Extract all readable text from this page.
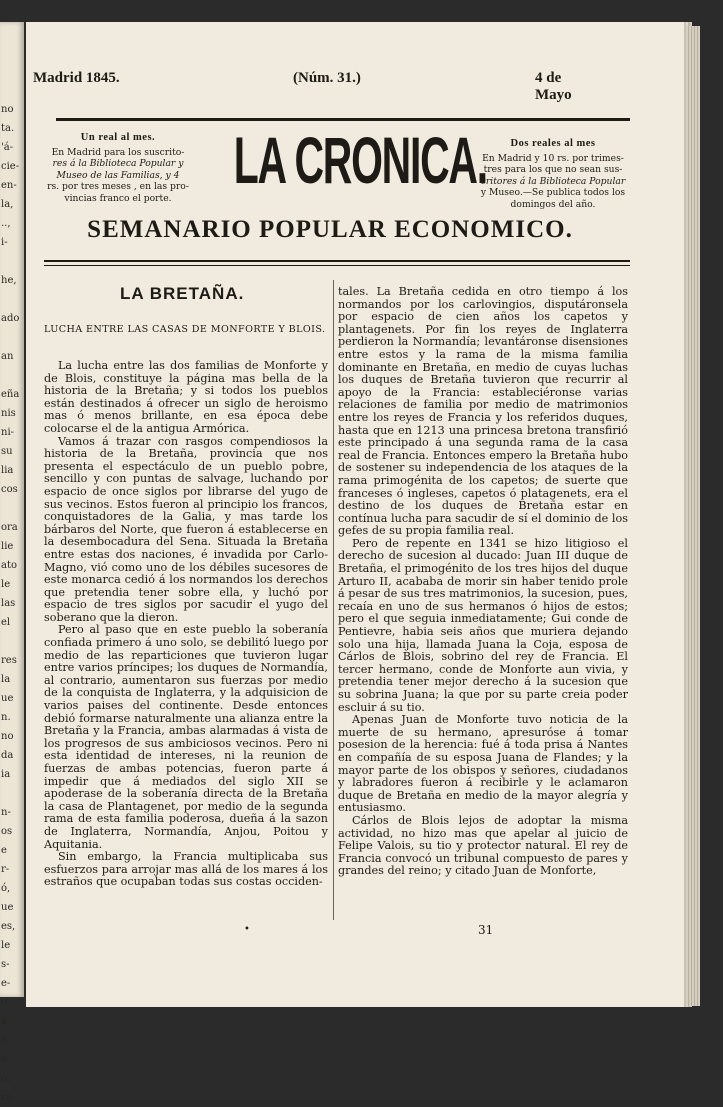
no
ta.
'á-
cie-
en-
la,
..,
i-

he,

ado

an

eña
nis
ni-
su
lia
cos

ora
lie
ato
le
las
el

res
la
ue
n.
no
da
ia

n-
os
e
r-
ó,
ue
es,
le
s-
e-
o,
a-
n
e-
ó,
ro
Madrid 1845.	(Núm. 31.)	4 de Mayo
Un real al mes.
En Madrid para los suscrito-
res á la Biblioteca Popular y
Museo de las Familias, y 4
rs. por tres meses , en las pro-
vincias franco el porte.
LA CRONICA.	Dos reales al mes
En Madrid y 10 rs. por trimes-
tres para los que no sean sus-
critores á la Biblioteca Popular
y Museo.—Se publica todos los
domingos del año.
SEMANARIO POPULAR ECONOMICO.
LA BRETAÑA.
LUCHA ENTRE LAS CASAS DE MONFORTE Y BLOIS.

La lucha entre las dos familias de Monforte y de Blois, constituye la página mas bella de la historia de la Bretaña; y si todos los pueblos están destinados á ofrecer un siglo de heroismo mas ó menos brillante, en esa época debe colocarse el de la antigua Armórica.

Vamos á trazar con rasgos compendiosos la historia de la Bretaña, provincia que nos presenta el espectáculo de un pueblo pobre, sencillo y con puntas de salvage, luchando por espacio de once siglos por librarse del yugo de sus vecinos. Estos fueron al principio los francos, conquistadores de la Galia, y mas tarde los bárbaros del Norte, que fueron á establecerse en la desembocadura del Sena. Situada la Bretaña entre estas dos naciones, é invadida por Carlo-Magno, vió como uno de los débiles sucesores de este monarca cedió á los normandos los derechos que pretendia tener sobre ella, y luchó por espacio de tres siglos por sacudir el yugo del soberano que la dieron.

Pero al paso que en este pueblo la soberanía confiada primero á uno solo, se debilitó luego por medio de las reparticiones que tuvieron lugar entre varios príncipes; los duques de Normandía, al contrario, aumentaron sus fuerzas por medio de la conquista de Inglaterra, y la adquisicion de varios paises del continente. Desde entonces debió formarse naturalmente una alianza entre la Bretaña y la Francia, ambas alarmadas á vista de los progresos de sus ambiciosos vecinos. Pero ni esta identidad de intereses, ni la reunion de fuerzas de ambas potencias, fueron parte á impedir que á mediados del siglo XII se apoderase de la soberanía directa de la Bretaña la casa de Plantagenet, por medio de la segunda rama de esta familia poderosa, dueña á la sazon de Inglaterra, Normandía, Anjou, Poitou y Aquitania.

Sin embargo, la Francia multiplicaba sus esfuerzos para arrojar mas allá de los mares á los estraños que ocupaban todas sus costas occiden-

tales. La Bretaña cedida en otro tiempo á los normandos por los carlovingios, disputáronsela por espacio de cien años los capetos y plantagenets. Por fin los reyes de Inglaterra perdieron la Normandía; levantáronse disensiones entre estos y la rama de la misma familia dominante en Bretaña, en medio de cuyas luchas los duques de Bretaña tuvieron que recurrir al apoyo de la Francia: estableciéronse varias relaciones de familia por medio de matrimonios entre los reyes de Francia y los referidos duques, hasta que en 1213 una princesa bretona transfirió este principado á una segunda rama de la casa real de Francia. Entonces empero la Bretaña hubo de sostener su independencia de los ataques de la rama primogénita de los capetos; de suerte que franceses ó ingleses, capetos ó platagenets, era el destino de los duques de Bretaña estar en contínua lucha para sacudir de sí el dominio de los gefes de su propia familia real.

Pero de repente en 1341 se hizo litigioso el derecho de sucesion al ducado: Juan III duque de Bretaña, el primogénito de los tres hijos del duque Arturo II, acababa de morir sin haber tenido prole á pesar de sus tres matrimonios, la sucesion, pues, recaía en uno de sus hermanos ó hijos de estos; pero el que seguia inmediatamente; Gui conde de Pentievre, habia seis años que muriera dejando solo una hija, llamada Juana la Coja, esposa de Cárlos de Blois, sobrino del rey de Francia. El tercer hermano, conde de Monforte aun vivia, y pretendia tener mejor derecho á la sucesion que su sobrina Juana; la que por su parte creia poder escluir á su tio.

Apenas Juan de Monforte tuvo noticia de la muerte de su hermano, apresuróse á tomar posesion de la herencia: fué á toda prisa á Nantes en compañía de su esposa Juana de Flandes; y la mayor parte de los obispos y señores, ciudadanos y labradores fueron á recibirle y le aclamaron duque de Bretaña en medio de la mayor alegría y entusiasmo.

Cárlos de Blois lejos de adoptar la misma actividad, no hizo mas que apelar al juicio de Felipe Valois, su tio y protector natural. El rey de Francia convocó un tribunal compuesto de pares y grandes del reino; y citado Juan de Monforte,

•	31
